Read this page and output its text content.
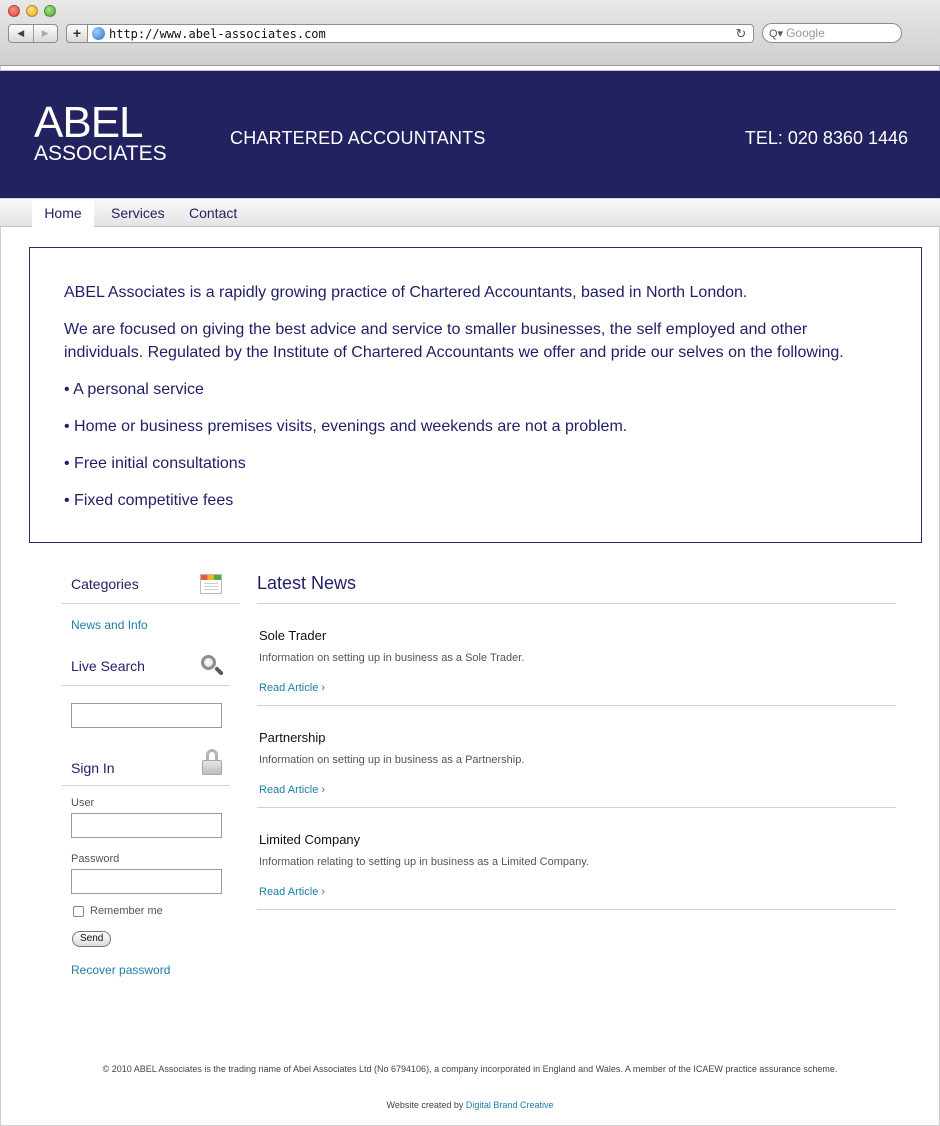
◀	▶	+	http://www.abel-associates.com	↻ Q▾ Google
ABEL
ASSOCIATES
CHARTERED ACCOUNTANTS	TEL: 020 8360 1446
Home	Services Contact

ABEL Associates is a rapidly growing practice of Chartered Accountants, based in North London.

We are focused on giving the best advice and service to smaller businesses, the self employed and other individuals. Regulated by the Institute of Chartered Accountants we offer and pride our selves on the following.

• A personal service

• Home or business premises visits, evenings and weekends are not a problem.

• Free initial consultations

• Fixed competitive fees

Categories
News and Info
Live Search
Sign In
User
Password
Remember me
Send
Recover password
Latest News
Sole Trader
Information on setting up in business as a Sole Trader.
Read Article ›
Partnership
Information on setting up in business as a Partnership.
Read Article ›
Limited Company
Information relating to setting up in business as a Limited Company.
Read Article ›
© 2010 ABEL Associates is the trading name of Abel Associates Ltd (No 6794106), a company incorporated in England and Wales. A member of the ICAEW practice assurance scheme.
Website created by Digital Brand Creative
